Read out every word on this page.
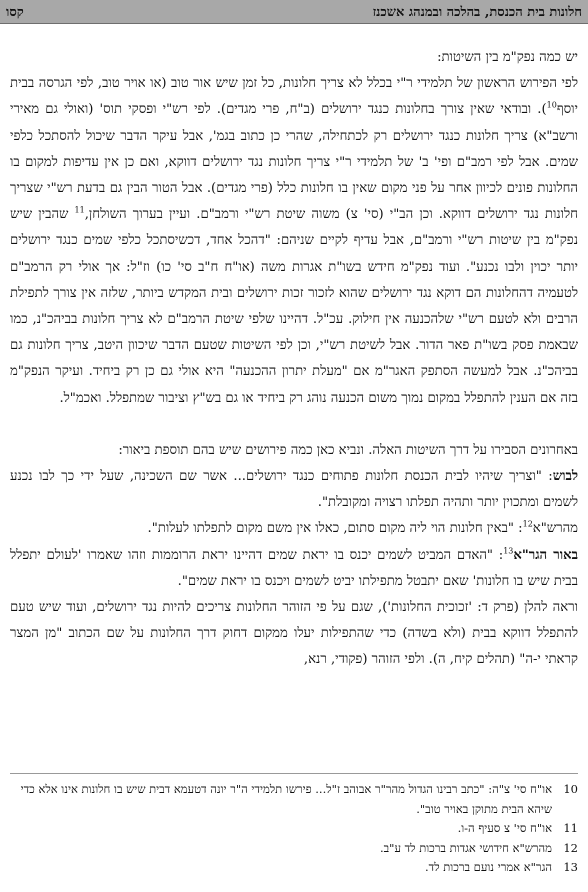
חלונות בית הכנסת, בהלכה ובמנהג אשכנז
קסו

יש כמה נפק"מ בין השיטות:

לפי הפירוש הראשון של תלמידי ר"י בכלל לא צריך חלונות, כל זמן שיש אור טוב (או אויר טוב, לפי הגרסה בבית יוסף$^{10}$). ובודאי שאין צורך בחלונות כנגד ירושלים (ב"ח, פרי מגדים). לפי רש"י ופסקי תוס' (ואולי גם מאירי ורשב"א) צריך חלונות כנגד ירושלים רק לכתחילה, שהרי כן כתוב בגמ', אבל עיקר הדבר שיכול להסתכל כלפי שמים. אבל לפי רמב"ם ופי' ב' של תלמידי ר"י צריך חלונות נגד ירושלים דווקא, ואם כן אין עדיפות למקום בו החלונות פונים לכיוון אחר על פני מקום שאין בו חלונות כלל (פרי מגדים). אבל הטור הבין גם בדעת רש"י שצריך חלונות נגד ירושלים דווקא. וכן הב"י (סי' צ) משוה שיטת רש"י ורמב"ם. ועיין בערוך השולחן,$^{11}$ שהבין שיש נפק"מ בין שיטות רש"י ורמב"ם, אבל עדיף לקיים שניהם: "דהכל אחד, דכשיסתכל כלפי שמים כנגד ירושלים יותר יכוין ולבו נכנע". ועוד נפק"מ חידש בשו"ת אגרות משה (או"ח ח"ב סי' כו) וז"ל: אך אולי רק הרמב"ם לטעמיה דהחלונות הם דוקא נגד ירושלים שהוא לזכור זכות ירושלים ובית המקדש ביותר, שלזה אין צורך לתפילת הרבים ולא לטעם רש"י שלהכנעה אין חילוק. עכ"ל. דהיינו שלפי שיטת הרמב"ם לא צריך חלונות בביהכ"נ, כמו שבאמת פסק בשו"ת פאר הדור. אבל לשיטת רש"י, וכן לפי השיטות שטעם הדבר שיכוון היטב, צריך חלונות גם בביהכ"נ. אבל למעשה הסתפק האגר"מ אם "מעלת יתרון ההכנעה" היא אולי גם כן רק ביחיד. ועיקר הנפק"מ בזה אם הענין להתפלל במקום נמוך משום הכנעה נוהג רק ביחיד או גם בש"ץ וציבור שמתפלל. ואכמ"ל.

באחרונים הסבירו על דרך השיטות האלה. ונביא כאן כמה פירושים שיש בהם תוספת ביאור:

לבוש: "וצריך שיהיו לבית הכנסת חלונות פתוחים כנגד ירושלים... אשר שם השכינה, שעל ידי כך לבו נכנע לשמים ומתכוין יותר ותהיה תפלתו רצויה ומקובלת".

מהרש"א$^{12}$: "באין חלונות הוי ליה מקום סתום, כאלו אין משם מקום לתפלתו לעלות".

באור הגר"א$^{13}$: "האדם המביט לשמים יכנס בו יראת שמים דהיינו יראת הרוממות וזהו שאמרו 'לעולם יתפלל בבית שיש בו חלונות' שאם יתבטל מתפילתו יביט לשמים ויכנס בו יראת שמים".

וראה להלן (פרק ד: 'זכוכית החלונות'), שגם על פי הזוהר החלונות צריכים להיות נגד ירושלים, ועוד שיש טעם להתפלל דווקא בבית (ולא בשדה) כדי שהתפילות יעלו ממקום דחוק דרך החלונות על שם הכתוב "מן המצר קראתי י-ה" (תהלים קיח, ה). ולפי הזוהר (פקודי, רנא,

10
או"ח סי' צ"ה: "כתב רבינו הגדול מהר"ר אבוהב ז"ל... פירשו תלמידי ה"ר יונה דטעמא דבית שיש בו חלונות אינו אלא כדי שיהא הבית מתוקן באויר טוב".
11
או"ח סי' צ סעיף ה-ו.
12
מהרש"א חידושי אגדות ברכות לד ע"ב.
13
הגר"א אמרי נועם ברכות לד.
